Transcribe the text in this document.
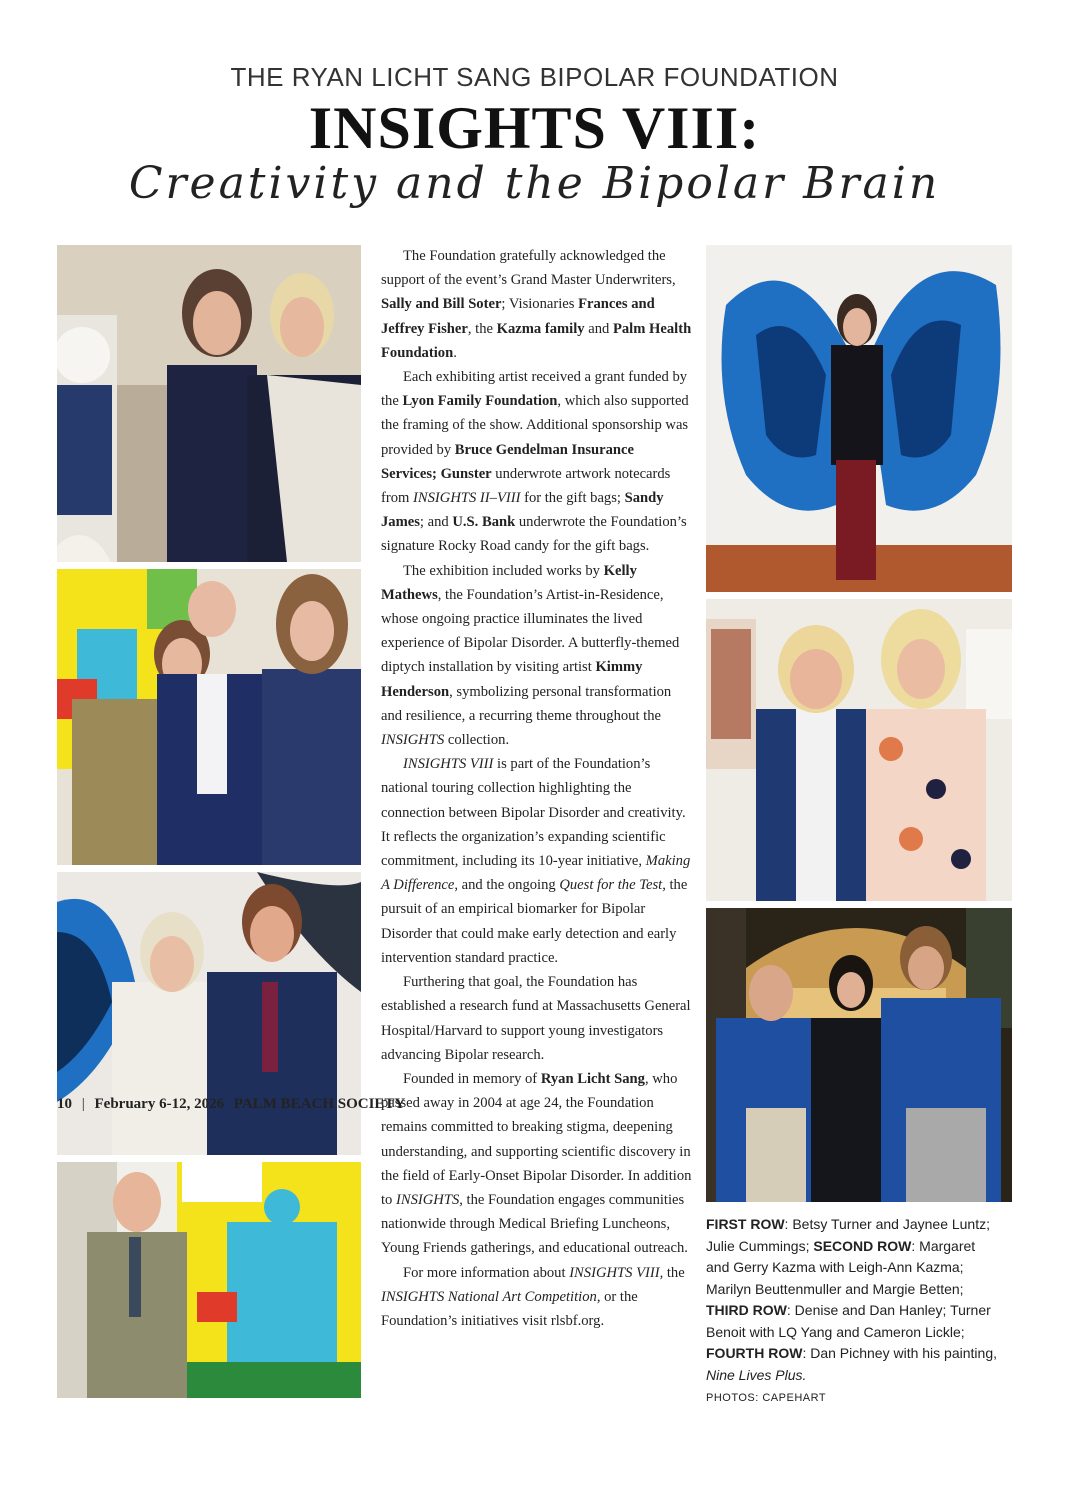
THE RYAN LICHT SANG BIPOLAR FOUNDATION
INSIGHTS VIII:
Creativity and the Bipolar Brain

The Foundation gratefully acknowledged the support of the event’s Grand Master Underwriters, Sally and Bill Soter; Visionaries Frances and Jeffrey Fisher, the Kazma family and Palm Health Foundation.

Each exhibiting artist received a grant funded by the Lyon Family Foundation, which also supported the framing of the show. Additional sponsorship was provided by Bruce Gendelman Insurance Services; Gunster underwrote artwork notecards from INSIGHTS II–VIII for the gift bags; Sandy James; and U.S. Bank underwrote the Foundation’s signature Rocky Road candy for the gift bags.

The exhibition included works by Kelly Mathews, the Foundation’s Artist-in-Residence, whose ongoing practice illuminates the lived experience of Bipolar Disorder. A butterfly-themed diptych installation by visiting artist Kimmy Henderson, symbolizing personal transformation and resilience, a recurring theme throughout the INSIGHTS collection.

INSIGHTS VIII is part of the Foundation’s national touring collection highlighting the connection between Bipolar Disorder and creativity. It reflects the organization’s expanding scientific commitment, including its 10-year initiative, Making A Difference, and the ongoing Quest for the Test, the pursuit of an empirical biomarker for Bipolar Disorder that could make early detection and early intervention standard practice.

Furthering that goal, the Foundation has established a research fund at Massachusetts General Hospital/Harvard to support young investigators advancing Bipolar research.

Founded in memory of Ryan Licht Sang, who passed away in 2004 at age 24, the Foundation remains committed to breaking stigma, deepening understanding, and supporting scientific discovery in the field of Early-Onset Bipolar Disorder. In addition to INSIGHTS, the Foundation engages communities nationwide through Medical Briefing Luncheons, Young Friends gatherings, and educational outreach.

For more information about INSIGHTS VIII, the INSIGHTS National Art Competition, or the Foundation’s initiatives visit rlsbf.org.

FIRST ROW: Betsy Turner and Jaynee Luntz; Julie Cummings; SECOND ROW: Margaret and Gerry Kazma with Leigh-Ann Kazma; Marilyn Beuttenmuller and Margie Betten; THIRD ROW: Denise and Dan Hanley; Turner Benoit with LQ Yang and Cameron Lickle; FOURTH ROW: Dan Pichney with his painting, Nine Lives Plus.
PHOTOS: CAPEHART
10 | February 6-12, 2026 PALM BEACH SOCIETY
